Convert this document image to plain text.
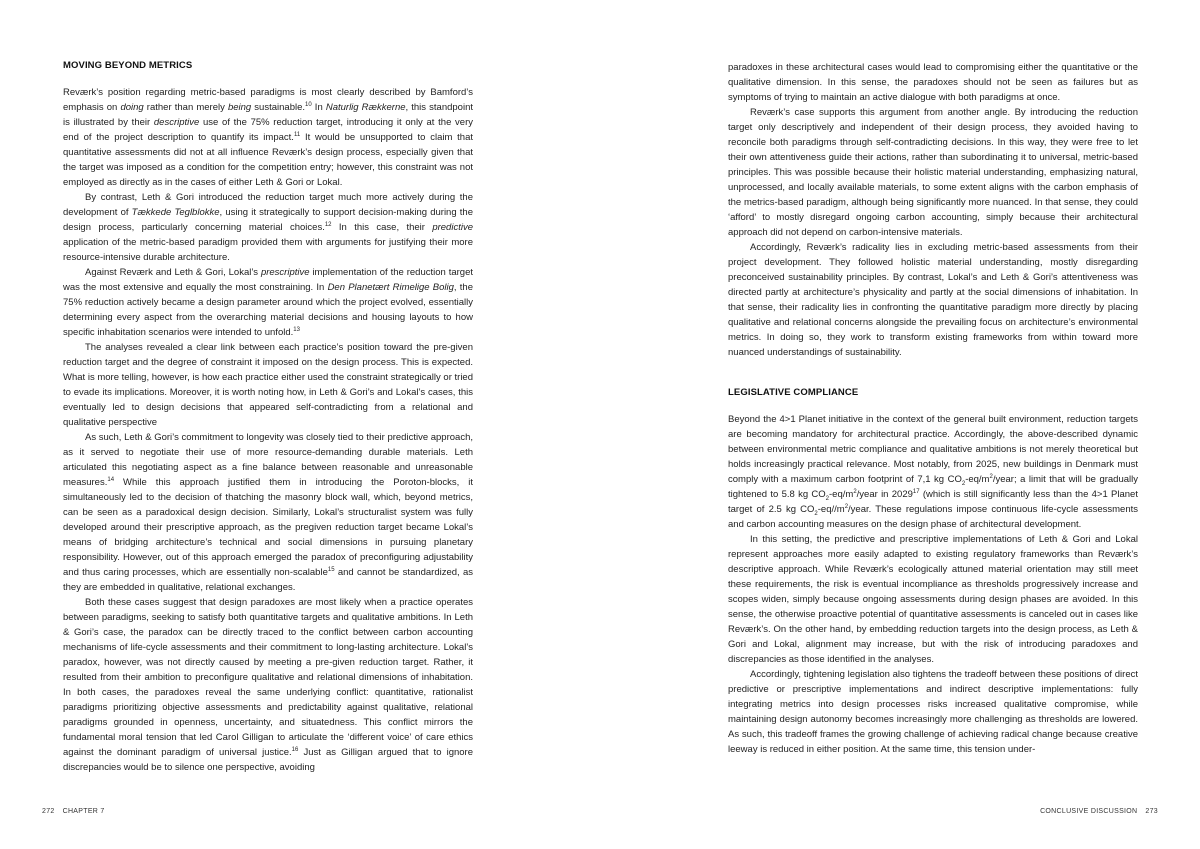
MOVING BEYOND METRICS

Reværk’s position regarding metric-based paradigms is most clearly described by Bamford’s emphasis on doing rather than merely being sustainable.$^{10}$ In Naturlig Rækkerne, this standpoint is illustrated by their descriptive use of the 75% reduction target, introducing it only at the very end of the project description to quantify its impact.$^{11}$ It would be unsupported to claim that quantitative assessments did not at all influence Reværk’s design process, especially given that the target was imposed as a condition for the competition entry; however, this constraint was not employed as directly as in the cases of either Leth & Gori or Lokal.

By contrast, Leth & Gori introduced the reduction target much more actively during the development of Tækkede Teglblokke, using it strategically to support decision-making during the design process, particularly concerning material choices.$^{12}$ In this case, their predictive application of the metric-based paradigm provided them with arguments for justifying their more resource-intensive durable architecture.

Against Reværk and Leth & Gori, Lokal’s prescriptive implementation of the reduction target was the most extensive and equally the most constraining. In Den Planetært Rimelige Bolig, the 75% reduction actively became a design parameter around which the project evolved, essentially determining every aspect from the overarching material decisions and housing layouts to how specific inhabitation scenarios were intended to unfold.$^{13}$

The analyses revealed a clear link between each practice’s position toward the pre-given reduction target and the degree of constraint it imposed on the design process. This is expected. What is more telling, however, is how each practice either used the constraint strategically or tried to evade its implications. Moreover, it is worth noting how, in Leth & Gori’s and Lokal’s cases, this eventually led to design decisions that appeared self-contradicting from a relational and qualitative perspective

As such, Leth & Gori’s commitment to longevity was closely tied to their predictive approach, as it served to negotiate their use of more resource-demanding durable materials. Leth articulated this negotiating aspect as a fine balance between reasonable and unreasonable measures.$^{14}$ While this approach justified them in introducing the Poroton-blocks, it simultaneously led to the decision of thatching the masonry block wall, which, beyond metrics, can be seen as a paradoxical design decision. Similarly, Lokal’s structuralist system was fully developed around their prescriptive approach, as the pregiven reduction target became Lokal’s means of bridging architecture’s technical and social dimensions in pursuing planetary responsibility. However, out of this approach emerged the paradox of preconfiguring adjustability and thus caring processes, which are essentially non-scalable$^{15}$ and cannot be standardized, as they are embedded in qualitative, relational exchanges.

Both these cases suggest that design paradoxes are most likely when a practice operates between paradigms, seeking to satisfy both quantitative targets and qualitative ambitions. In Leth & Gori’s case, the paradox can be directly traced to the conflict between carbon accounting mechanisms of life-cycle assessments and their commitment to long-lasting architecture. Lokal’s paradox, however, was not directly caused by meeting a pre-given reduction target. Rather, it resulted from their ambition to preconfigure qualitative and relational dimensions of inhabitation. In both cases, the paradoxes reveal the same underlying conflict: quantitative, rationalist paradigms prioritizing objective assessments and predictability against qualitative, relational paradigms grounded in openness, uncertainty, and situatedness. This conflict mirrors the fundamental moral tension that led Carol Gilligan to articulate the ‘different voice’ of care ethics against the dominant paradigm of universal justice.$^{16}$ Just as Gilligan argued that to ignore discrepancies would be to silence one perspective, avoiding

272 CHAPTER 7

paradoxes in these architectural cases would lead to compromising either the quantitative or the qualitative dimension. In this sense, the paradoxes should not be seen as failures but as symptoms of trying to maintain an active dialogue with both paradigms at once.

Reværk’s case supports this argument from another angle. By introducing the reduction target only descriptively and independent of their design process, they avoided having to reconcile both paradigms through self-contradicting decisions. In this way, they were free to let their own attentiveness guide their actions, rather than subordinating it to universal, metric-based principles. This was possible because their holistic material understanding, emphasizing natural, unprocessed, and locally available materials, to some extent aligns with the carbon emphasis of the metrics-based paradigm, although being significantly more nuanced. In that sense, they could ‘afford’ to mostly disregard ongoing carbon accounting, simply because their architectural approach did not depend on carbon-intensive materials.

Accordingly, Reværk’s radicality lies in excluding metric-based assessments from their project development. They followed holistic material understanding, mostly disregarding preconceived sustainability principles. By contrast, Lokal’s and Leth & Gori’s attentiveness was directed partly at architecture’s physicality and partly at the social dimensions of inhabitation. In that sense, their radicality lies in confronting the quantitative paradigm more directly by placing qualitative and relational concerns alongside the prevailing focus on architecture’s environmental metrics. In doing so, they work to transform existing frameworks from within toward more nuanced understandings of sustainability.

LEGISLATIVE COMPLIANCE

Beyond the 4>1 Planet initiative in the context of the general built environment, reduction targets are becoming mandatory for architectural practice. Accordingly, the above-described dynamic between environmental metric compliance and qualitative ambitions is not merely theoretical but holds increasingly practical relevance. Most notably, from 2025, new buildings in Denmark must comply with a maximum carbon footprint of 7,1 kg $CO_2-eq/m^2$/year; a limit that will be gradually tightened to 5.8 kg $CO_2-eq/m^2$/year in 2029$^{17}$ (which is still significantly less than the 4>1 Planet target of 2.5 kg $CO_2-eq//m^2$/year. These regulations impose continuous life-cycle assessments and carbon accounting measures on the design phase of architectural development.

In this setting, the predictive and prescriptive implementations of Leth & Gori and Lokal represent approaches more easily adapted to existing regulatory frameworks than Reværk’s descriptive approach. While Reværk’s ecologically attuned material orientation may still meet these requirements, the risk is eventual incompliance as thresholds progressively increase and scopes widen, simply because ongoing assessments during design phases are avoided. In this sense, the otherwise proactive potential of quantitative assessments is canceled out in cases like Reværk’s. On the other hand, by embedding reduction targets into the design process, as Leth & Gori and Lokal, alignment may increase, but with the risk of introducing paradoxes and discrepancies as those identified in the analyses.

Accordingly, tightening legislation also tightens the tradeoff between these positions of direct predictive or prescriptive implementations and indirect descriptive implementations: fully integrating metrics into design processes risks increased qualitative compromise, while maintaining design autonomy becomes increasingly more challenging as thresholds are lowered. As such, this tradeoff frames the growing challenge of achieving radical change because creative leeway is reduced in either position. At the same time, this tension under-

CONCLUSIVE DISCUSSION 273
